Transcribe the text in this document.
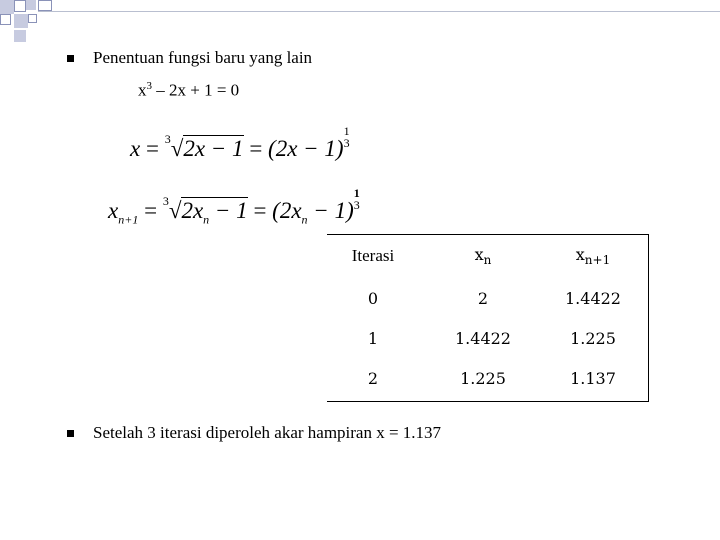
Penentuan fungsi baru yang lain
$x^3 - 2x + 1 = 0$
x = $^3$√2x − 1 = (2x − 1)1
3
$x_{n+1} = ^3√2x_n - 1 = (2x_n - 1)1$
3
Iterasi	$x_n$	$x_{n+1}$
0	2	1.4422
1	1.4422	1.225
2	1.225	1.137
Setelah 3 iterasi diperoleh akar hampiran x = 1.137
